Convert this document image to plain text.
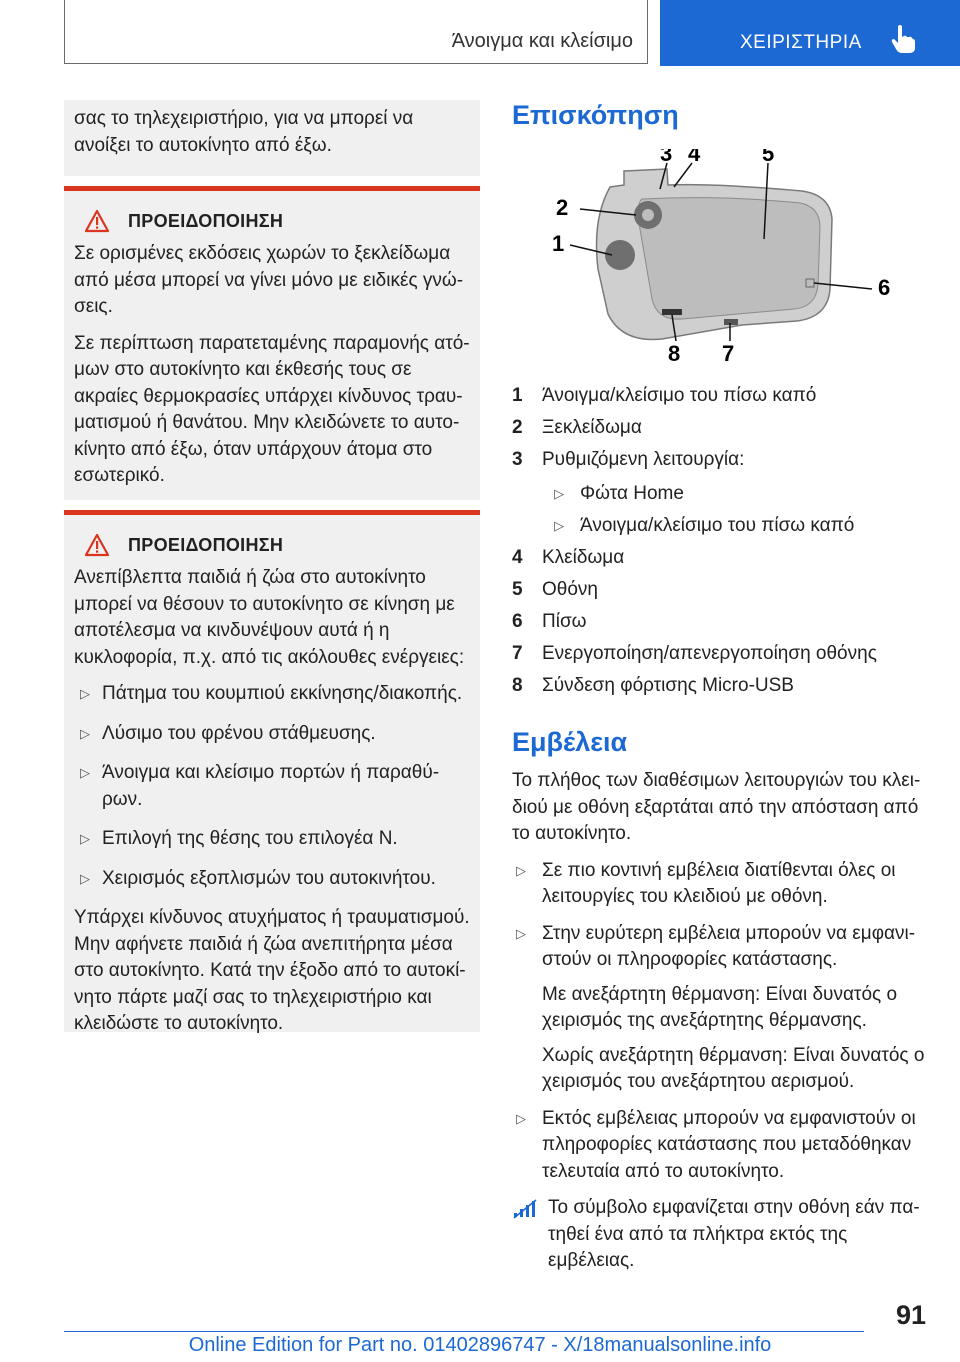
Άνοιγμα και κλείσιμο	ΧΕΙΡΙΣΤΗΡΙΑ

σας το τηλεχειριστήριο, για να μπορεί να ανοίξει το αυτοκίνητο από έξω.

ΠΡΟΕΙΔΟΠΟΙΗΣΗ

Σε ορισμένες εκδόσεις χωρών το ξεκλείδωμα από μέσα μπορεί να γίνει μόνο με ειδικές γνώσεις.

Σε περίπτωση παρατεταμένης παραμονής ατόμων στο αυτοκίνητο και έκθεσής τους σε ακραίες θερμοκρασίες υπάρχει κίνδυνος τραυματισμού ή θανάτου. Μην κλειδώνετε το αυτοκίνητο από έξω, όταν υπάρχουν άτομα στο εσωτερικό.

ΠΡΟΕΙΔΟΠΟΙΗΣΗ

Ανεπίβλεπτα παιδιά ή ζώα στο αυτοκίνητο μπορεί να θέσουν το αυτοκίνητο σε κίνηση με αποτέλεσμα να κινδυνέψουν αυτά ή η κυκλοφορία, π.χ. από τις ακόλουθες ενέργειες:

▷ Πάτημα του κουμπιού εκκίνησης/διακοπής.
▷ Λύσιμο του φρένου στάθμευσης.
▷ Άνοιγμα και κλείσιμο πορτών ή παραθύρων.
▷ Επιλογή της θέσης του επιλογέα N.
▷ Χειρισμός εξοπλισμών του αυτοκινήτου.

Υπάρχει κίνδυνος ατυχήματος ή τραυματισμού. Μην αφήνετε παιδιά ή ζώα ανεπιτήρητα μέσα στο αυτοκίνητο. Κατά την έξοδο από το αυτοκίνητο πάρτε μαζί σας το τηλεχειριστήριο και κλειδώστε το αυτοκίνητο.

Επισκόπηση
1
2
3 4	5
6
7
8
1 Άνοιγμα/κλείσιμο του πίσω καπό
2 Ξεκλείδωμα
3 Ρυθμιζόμενη λειτουργία:
▷ Φώτα Home
▷ Άνοιγμα/κλείσιμο του πίσω καπό
4 Κλείδωμα
5 Οθόνη
6 Πίσω
7 Ενεργοποίηση/απενεργοποίηση οθόνης
8 Σύνδεση φόρτισης Micro-USB
Εμβέλεια

Το πλήθος των διαθέσιμων λειτουργιών του κλειδιού με οθόνη εξαρτάται από την απόσταση από το αυτοκίνητο.

▷ Σε πιο κοντινή εμβέλεια διατίθενται όλες οι λειτουργίες του κλειδιού με οθόνη.
▷ Στην ευρύτερη εμβέλεια μπορούν να εμφανιστούν οι πληροφορίες κατάστασης.

Με ανεξάρτητη θέρμανση: Είναι δυνατός ο χειρισμός της ανεξάρτητης θέρμανσης.

Χωρίς ανεξάρτητη θέρμανση: Είναι δυνατός ο χειρισμός του ανεξάρτητου αερισμού.

▷ Εκτός εμβέλειας μπορούν να εμφανιστούν οι πληροφορίες κατάστασης που μεταδόθηκαν τελευταία από το αυτοκίνητο.

Το σύμβολο εμφανίζεται στην οθόνη εάν πατηθεί ένα από τα πλήκτρα εκτός της εμβέλειας.

91
Online Edition for Part no. 01402896747 - X/18manualsonline.info
